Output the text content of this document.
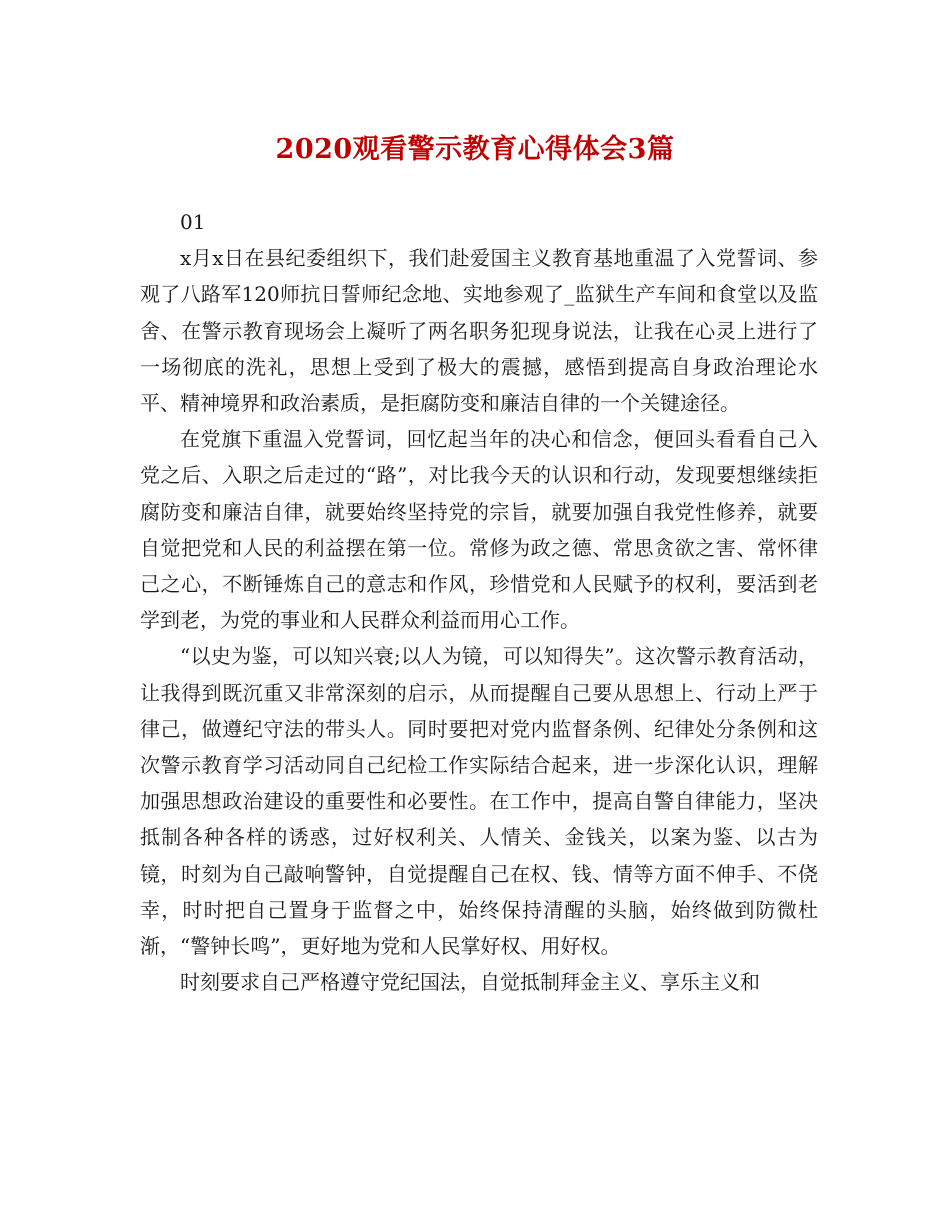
2020观看警示教育心得体会3篇

01

x月x日在县纪委组织下，我们赴爱国主义教育基地重温了入党誓词、参观了八路军120师抗日誓师纪念地、实地参观了_监狱生产车间和食堂以及监舍、在警示教育现场会上凝听了两名职务犯现身说法，让我在心灵上进行了一场彻底的洗礼，思想上受到了极大的震撼，感悟到提高自身政治理论水平、精神境界和政治素质，是拒腐防变和廉洁自律的一个关键途径。

在党旗下重温入党誓词，回忆起当年的决心和信念，便回头看看自己入党之后、入职之后走过的“路”，对比我今天的认识和行动，发现要想继续拒腐防变和廉洁自律，就要始终坚持党的宗旨，就要加强自我党性修养，就要自觉把党和人民的利益摆在第一位。常修为政之德、常思贪欲之害、常怀律己之心，不断锤炼自己的意志和作风，珍惜党和人民赋予的权利，要活到老学到老，为党的事业和人民群众利益而用心工作。

“以史为鉴，可以知兴衰;以人为镜，可以知得失”。这次警示教育活动，让我得到既沉重又非常深刻的启示，从而提醒自己要从思想上、行动上严于律己，做遵纪守法的带头人。同时要把对党内监督条例、纪律处分条例和这次警示教育学习活动同自己纪检工作实际结合起来，进一步深化认识，理解加强思想政治建设的重要性和必要性。在工作中，提高自警自律能力，坚决抵制各种各样的诱惑，过好权利关、人情关、金钱关，以案为鉴、以古为镜，时刻为自己敲响警钟，自觉提醒自己在权、钱、情等方面不伸手、不侥幸，时时把自己置身于监督之中，始终保持清醒的头脑，始终做到防微杜渐，“警钟长鸣”，更好地为党和人民掌好权、用好权。

时刻要求自己严格遵守党纪国法，自觉抵制拜金主义、享乐主义和
